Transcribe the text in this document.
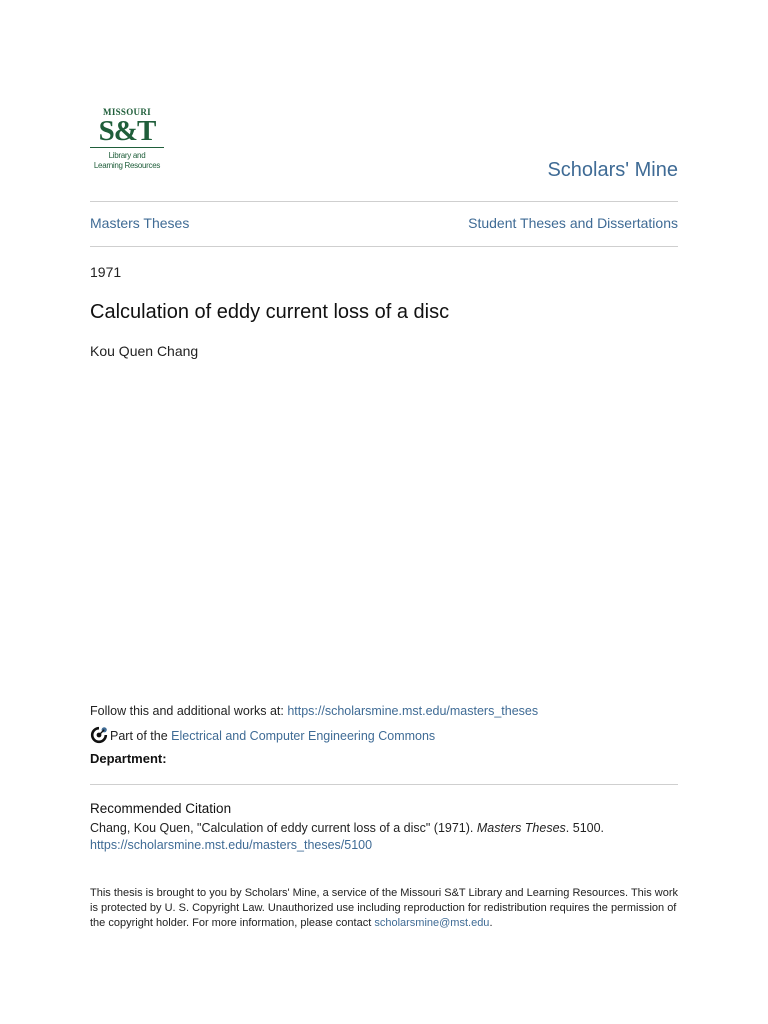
MISSOURI
S&T
Library and
Learning Resources	Scholars' Mine
Masters Theses	Student Theses and Dissertations
1971
Calculation of eddy current loss of a disc
Kou Quen Chang
Follow this and additional works at: https://scholarsmine.mst.edu/masters_theses
Part of the Electrical and Computer Engineering Commons
Department:
Recommended Citation
Chang, Kou Quen, "Calculation of eddy current loss of a disc" (1971). Masters Theses. 5100.
https://scholarsmine.mst.edu/masters_theses/5100
This thesis is brought to you by Scholars' Mine, a service of the Missouri S&T Library and Learning Resources. This work is protected by U. S. Copyright Law. Unauthorized use including reproduction for redistribution requires the permission of the copyright holder. For more information, please contact scholarsmine@mst.edu.
